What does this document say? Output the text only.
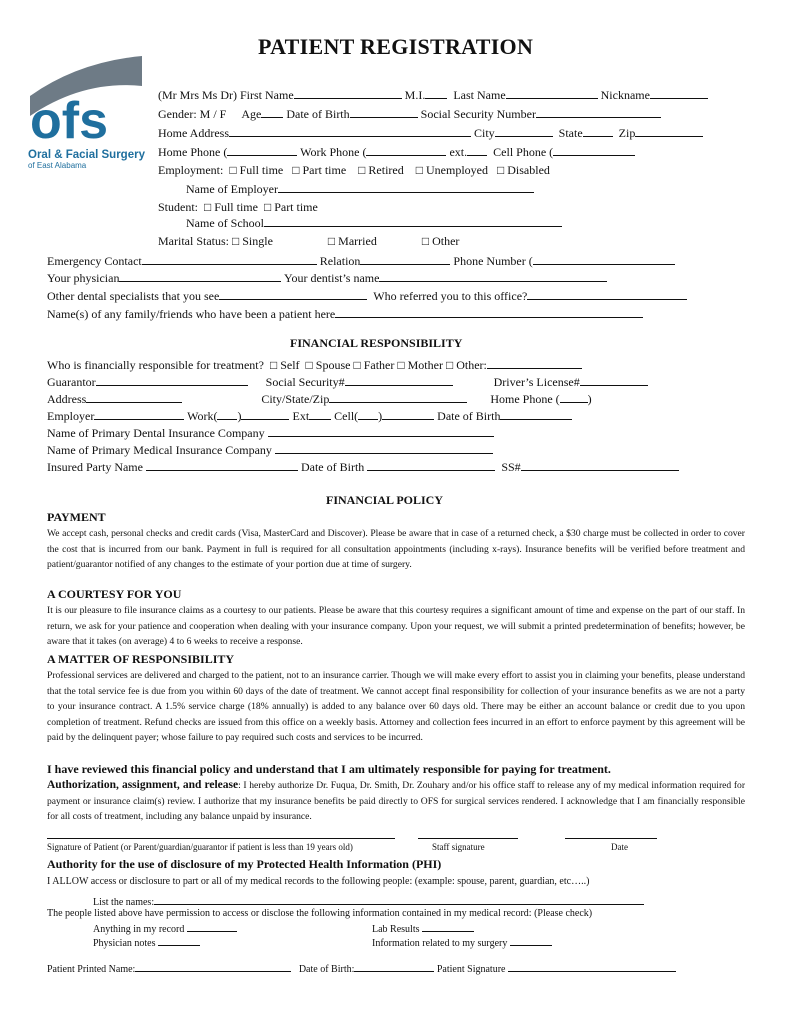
PATIENT REGISTRATION
ofs
Oral & Facial Surgery
of East Alabama
(Mr Mrs Ms Dr) First Name	M.I. Last Name	Nickname
Gender: M / F Age Date of Birth	Social Security Number
Home Address	City	State	Zip
Home Phone (	Work Phone (	ext. Cell Phone (
Employment:  □ Full time   □ Part time    □ Retired    □ Unemployed   □ Disabled
Name of Employer
Student:  □ Full time  □ Part time
Name of School
Marital Status: □ Single	□ Married	□ Other
Emergency Contact	Relation	Phone Number (
Your physician	Your dentist’s name
Other dental specialists that you see	Who referred you to this office?
Name(s) of any family/friends who have been a patient here
FINANCIAL RESPONSIBILITY
Who is financially responsible for treatment?  □ Self  □ Spouse □ Father □ Mother □ Other:
Guarantor	Social Security#	Driver’s License#
Address	City/State/Zip	Home Phone ( )
Employer	Work( )	Ext Cell( )	Date of Birth
Name of Primary Dental Insurance Company
Name of Primary Medical Insurance Company
Insured Party Name	Date of Birth	SS#
FINANCIAL POLICY
PAYMENT
We accept cash, personal checks and credit cards (Visa, MasterCard and Discover). Please be aware that in case of a returned check, a $30 charge must be collected in order to cover the cost that is incurred from our bank. Payment in full is required for all consultation appointments (including x-rays). Insurance benefits will be verified before treatment and patient/guarantor notified of any changes to the estimate of your portion due at time of surgery.
A COURTESY FOR YOU
It is our pleasure to file insurance claims as a courtesy to our patients. Please be aware that this courtesy requires a significant amount of time and expense on the part of our staff. In return, we ask for your patience and cooperation when dealing with your insurance company. Upon your request, we will submit a printed predetermination of benefits; however, be aware that it takes (on average) 4 to 6 weeks to receive a response.
A MATTER OF RESPONSIBILITY
Professional services are delivered and charged to the patient, not to an insurance carrier. Though we will make every effort to assist you in claiming your benefits, please understand that the total service fee is due from you within 60 days of the date of treatment. We cannot accept final responsibility for collection of your insurance benefits as we are not a party to your insurance contract. A 1.5% service charge (18% annually) is added to any balance over 60 days old. There may be either an account balance or credit due to you upon completion of treatment. Refund checks are issued from this office on a weekly basis. Attorney and collection fees incurred in an effort to enforce payment by this agreement will be paid by the delinquent payer; whose failure to pay required such costs and services to be incurred.
I have reviewed this financial policy and understand that I am ultimately responsible for paying for treatment.
Authorization, assignment, and release: I hereby authorize Dr. Fuqua, Dr. Smith, Dr. Zouhary and/or his office staff to release any of my medical information required for payment or insurance claim(s) review. I authorize that my insurance benefits be paid directly to OFS for surgical services rendered. I acknowledge that I am financially responsible for all costs of treatment, including any balance unpaid by insurance.
Signature of Patient (or Parent/guardian/guarantor if patient is less than 19 years old)	Staff signature	Date
Authority for the use of disclosure of my Protected Health Information (PHI)
I ALLOW access or disclosure to part or all of my medical records to the following people: (example: spouse, parent, guardian, etc…..)
List the names:
The people listed above have permission to access or disclose the following information contained in my medical record: (Please check)
Anything in my record	Lab Results
Physician notes	Information related to my surgery
Patient Printed Name:	Date of Birth:	Patient Signature
